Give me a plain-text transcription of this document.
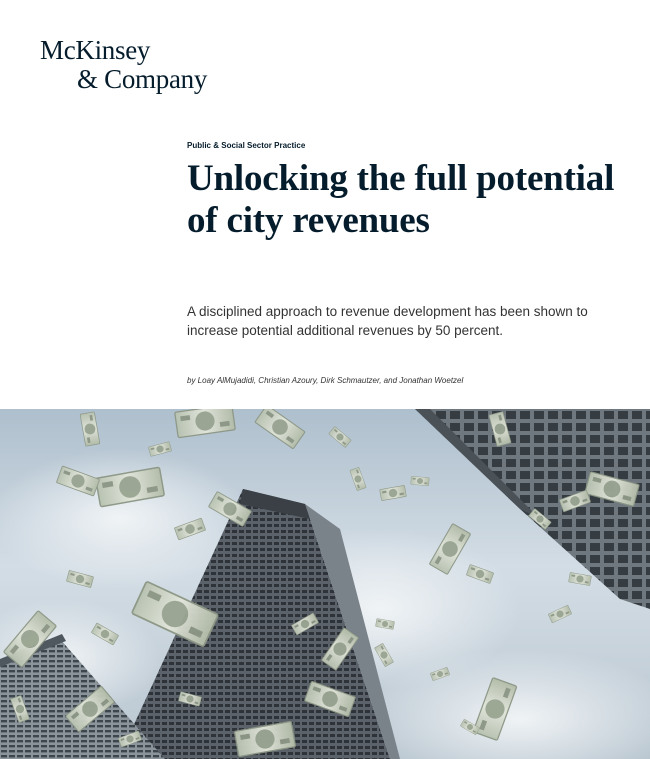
McKinsey
& Company
Public & Social Sector Practice
Unlocking the full potential of city revenues

A disciplined approach to revenue development has been shown to increase potential additional revenues by 50 percent.

by Loay AlMujadidi, Christian Azoury, Dirk Schmautzer, and Jonathan Woetzel
